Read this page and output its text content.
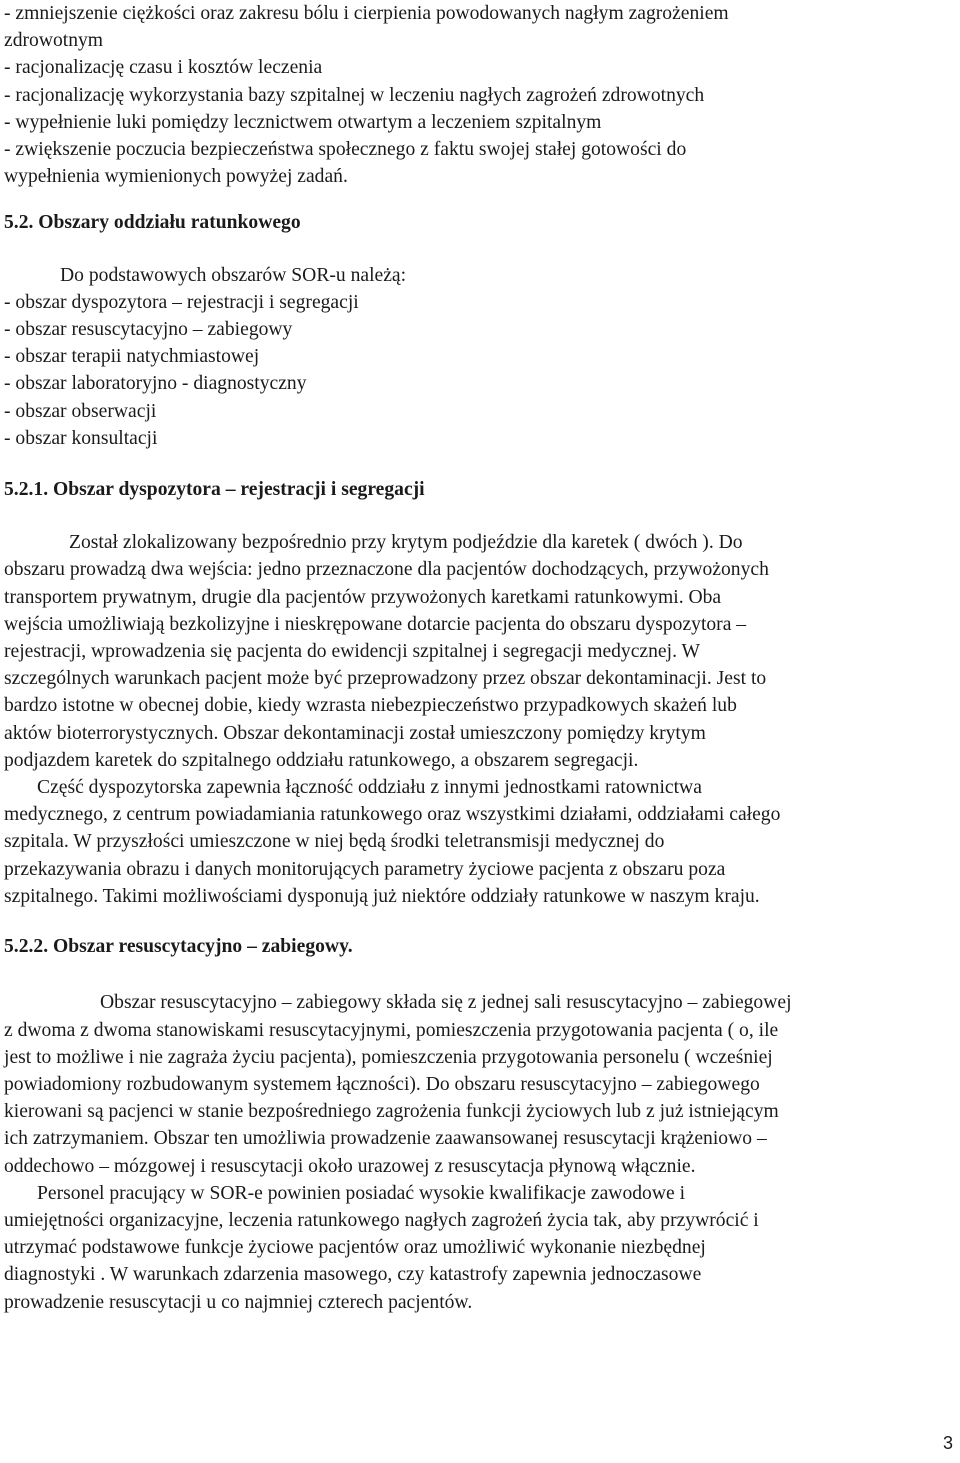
- zmniejszenie ciężkości oraz zakresu bólu i cierpienia powodowanych nagłym zagrożeniem
zdrowotnym
- racjonalizację czasu i kosztów leczenia
- racjonalizację wykorzystania bazy szpitalnej w leczeniu nagłych zagrożeń zdrowotnych
- wypełnienie luki pomiędzy lecznictwem otwartym a leczeniem szpitalnym
- zwiększenie poczucia bezpieczeństwa społecznego z faktu swojej stałej gotowości do
wypełnienia wymienionych powyżej zadań.
5.2. Obszary oddziału ratunkowego
Do podstawowych obszarów SOR-u należą:
- obszar dyspozytora – rejestracji i segregacji
- obszar resuscytacyjno – zabiegowy
- obszar terapii natychmiastowej
- obszar laboratoryjno - diagnostyczny
- obszar obserwacji
- obszar konsultacji
5.2.1. Obszar dyspozytora – rejestracji i segregacji
Został zlokalizowany bezpośrednio przy krytym podjeździe dla karetek ( dwóch ). Do
obszaru prowadzą dwa wejścia: jedno przeznaczone dla pacjentów dochodzących, przywożonych
transportem prywatnym, drugie dla pacjentów przywożonych karetkami ratunkowymi. Oba
wejścia umożliwiają bezkolizyjne i nieskrępowane dotarcie pacjenta do obszaru dyspozytora –
rejestracji, wprowadzenia się pacjenta do ewidencji szpitalnej i segregacji medycznej. W
szczególnych warunkach pacjent może być przeprowadzony przez obszar dekontaminacji. Jest to
bardzo istotne w obecnej dobie, kiedy wzrasta niebezpieczeństwo przypadkowych skażeń lub
aktów bioterrorystycznych. Obszar dekontaminacji został umieszczony pomiędzy krytym
podjazdem karetek do szpitalnego oddziału ratunkowego, a obszarem segregacji.
Część dyspozytorska zapewnia łączność oddziału z innymi jednostkami ratownictwa
medycznego, z centrum powiadamiania ratunkowego oraz wszystkimi działami, oddziałami całego
szpitala. W przyszłości umieszczone w niej będą środki teletransmisji medycznej do
przekazywania obrazu i danych monitorujących parametry życiowe pacjenta z obszaru poza
szpitalnego. Takimi możliwościami dysponują już niektóre oddziały ratunkowe w naszym kraju.
5.2.2. Obszar resuscytacyjno – zabiegowy.
Obszar resuscytacyjno – zabiegowy składa się z jednej sali resuscytacyjno – zabiegowej
z dwoma z dwoma stanowiskami resuscytacyjnymi, pomieszczenia przygotowania pacjenta ( o, ile
jest to możliwe i nie zagraża życiu pacjenta), pomieszczenia przygotowania personelu ( wcześniej
powiadomiony rozbudowanym systemem łączności). Do obszaru resuscytacyjno – zabiegowego
kierowani są pacjenci w stanie bezpośredniego zagrożenia funkcji życiowych lub z już istniejącym
ich zatrzymaniem. Obszar ten umożliwia prowadzenie zaawansowanej resuscytacji krążeniowo –
oddechowo – mózgowej i resuscytacji około urazowej z resuscytacja płynową włącznie.
Personel pracujący w SOR-e powinien posiadać wysokie kwalifikacje zawodowe i
umiejętności organizacyjne, leczenia ratunkowego nagłych zagrożeń życia tak, aby przywrócić i
utrzymać podstawowe funkcje życiowe pacjentów oraz umożliwić wykonanie niezbędnej
diagnostyki . W warunkach zdarzenia masowego, czy katastrofy zapewnia jednoczasowe
prowadzenie resuscytacji u co najmniej czterech pacjentów.
3
